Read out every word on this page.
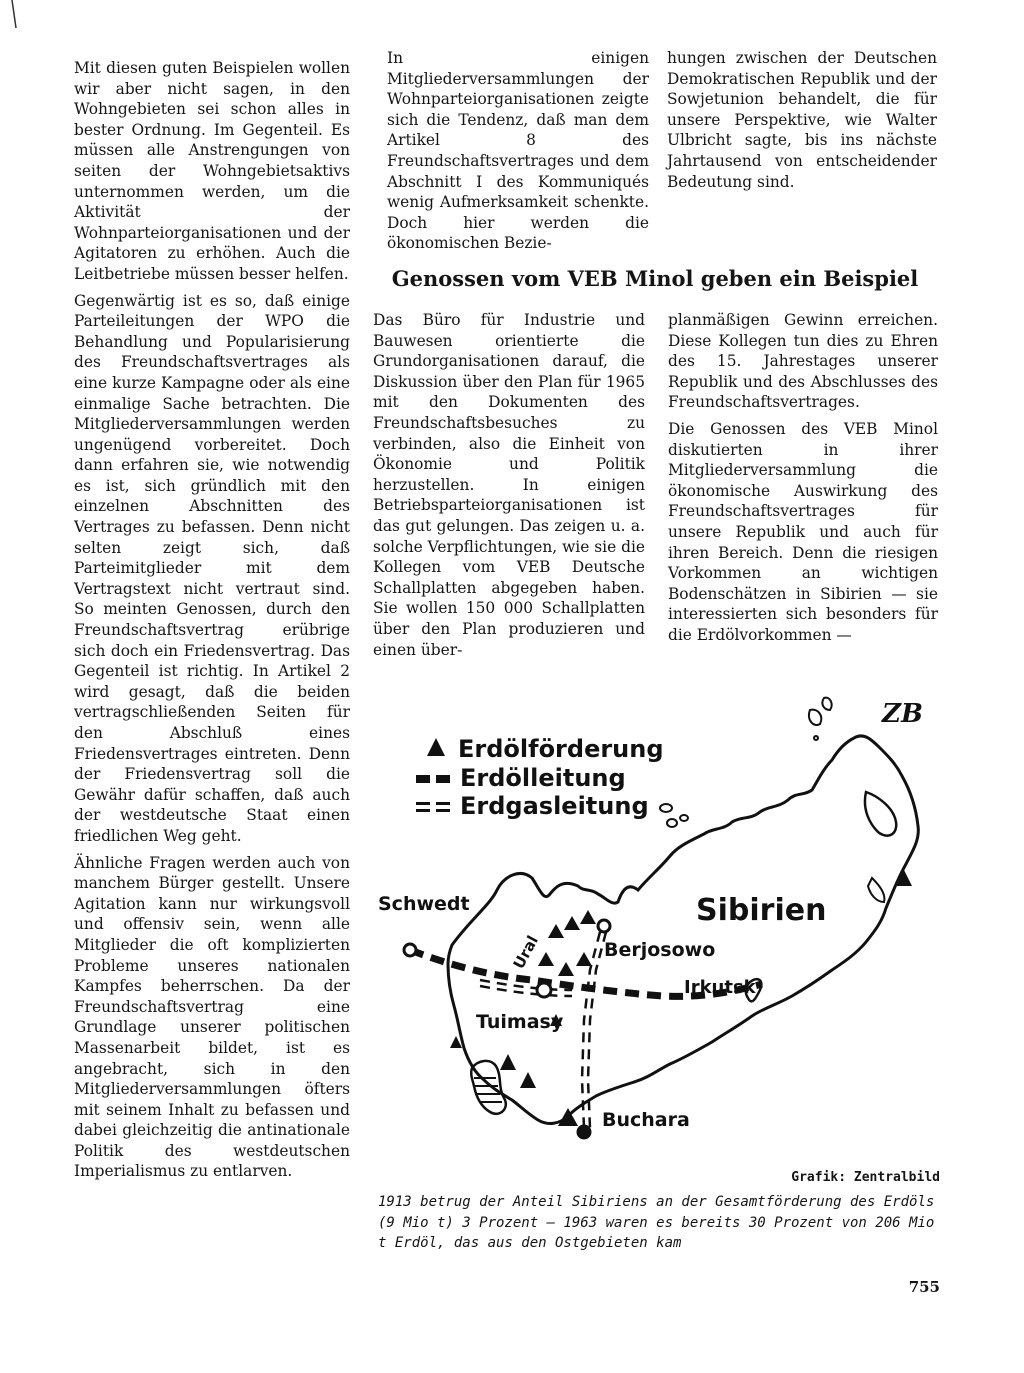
Mit diesen guten Beispielen wollen wir aber nicht sagen, in den Wohngebieten sei schon alles in bester Ordnung. Im Gegenteil. Es müssen alle Anstrengungen von seiten der Wohngebietsaktivs unternommen werden, um die Aktivität der Wohnparteiorganisationen und der Agitatoren zu erhöhen. Auch die Leitbetriebe müssen besser helfen.

Gegenwärtig ist es so, daß einige Parteileitungen der WPO die Behandlung und Popularisierung des Freundschaftsvertrages als eine kurze Kampagne oder als eine einmalige Sache betrachten. Die Mitgliederversammlungen werden ungenügend vorbereitet. Doch dann erfahren sie, wie notwendig es ist, sich gründlich mit den einzelnen Abschnitten des Vertrages zu befassen. Denn nicht selten zeigt sich, daß Parteimitglieder mit dem Vertragstext nicht vertraut sind. So meinten Genossen, durch den Freundschaftsvertrag erübrige sich doch ein Friedensvertrag. Das Gegenteil ist richtig. In Artikel 2 wird gesagt, daß die beiden vertragschließenden Seiten für den Abschluß eines Friedensvertrages eintreten. Denn der Friedensvertrag soll die Gewähr dafür schaffen, daß auch der westdeutsche Staat einen friedlichen Weg geht.

Ähnliche Fragen werden auch von manchem Bürger gestellt. Unsere Agitation kann nur wirkungsvoll und offensiv sein, wenn alle Mitglieder die oft komplizierten Probleme unseres nationalen Kampfes beherrschen. Da der Freundschaftsvertrag eine Grundlage unserer politischen Massenarbeit bildet, ist es angebracht, sich in den Mitgliederversammlungen öfters mit seinem Inhalt zu befassen und dabei gleichzeitig die antinationale Politik des westdeutschen Imperialismus zu entlarven.

In einigen Mitgliederversammlungen der Wohnparteiorganisationen zeigte sich die Tendenz, daß man dem Artikel 8 des Freundschaftsvertrages und dem Abschnitt I des Kommuniqués wenig Aufmerksamkeit schenkte. Doch hier werden die ökonomischen Bezie-

hungen zwischen der Deutschen Demokratischen Republik und der Sowjetunion behandelt, die für unsere Perspektive, wie Walter Ulbricht sagte, bis ins nächste Jahrtausend von entscheidender Bedeutung sind.

Genossen vom VEB Minol geben ein Beispiel

Das Büro für Industrie und Bauwesen orientierte die Grundorganisationen darauf, die Diskussion über den Plan für 1965 mit den Dokumenten des Freundschaftsbesuches zu verbinden, also die Einheit von Ökonomie und Politik herzustellen. In einigen Betriebsparteiorganisationen ist das gut gelungen. Das zeigen u. a. solche Verpflichtungen, wie sie die Kollegen vom VEB Deutsche Schallplatten abgegeben haben. Sie wollen 150 000 Schallplatten über den Plan produzieren und einen über-

planmäßigen Gewinn erreichen. Diese Kollegen tun dies zu Ehren des 15. Jahrestages unserer Republik und des Abschlusses des Freundschaftsvertrages.

Die Genossen des VEB Minol diskutierten in ihrer Mitgliederversammlung die ökonomische Auswirkung des Freundschaftsvertrages für unsere Republik und auch für ihren Bereich. Denn die riesigen Vorkommen an wichtigen Bodenschätzen in Sibirien — sie interessierten sich besonders für die Erdölvorkommen —

Erdölförderung
Erdölleitung
Erdgasleitung
ZB
Schwedt	Sibirien
Ural	Berjosowo
Irkutsk
Tuimasy
Buchara
Grafik: Zentralbild
1913 betrug der Anteil Sibiriens an der Gesamtförderung des Erdöls (9 Mio t) 3 Prozent — 1963 waren es bereits 30 Prozent von 206 Mio t Erdöl, das aus den Ostgebieten kam
755
